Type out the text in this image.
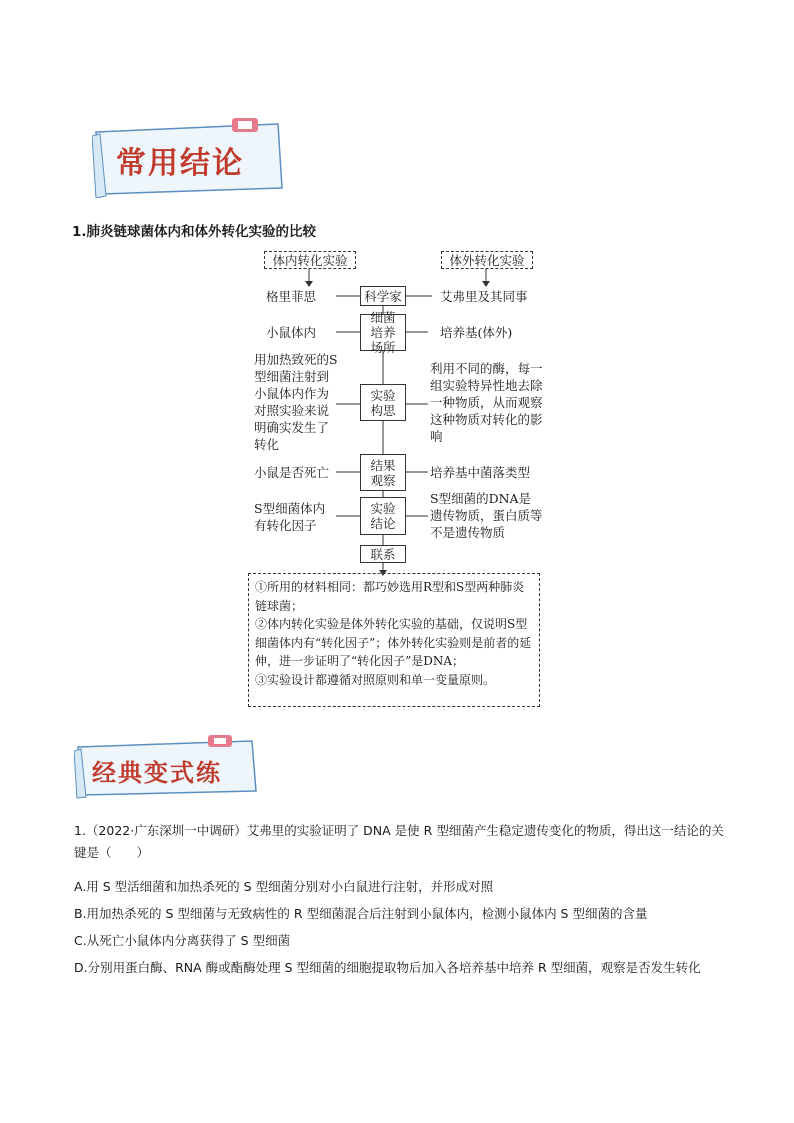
常用结论
1.肺炎链球菌体内和体外转化实验的比较
体内转化实验	体外转化实验
科学家
细菌培养场所
实验构思
结果观察
实验结论
联系
格里菲思
小鼠体内
用加热致死的S型细菌注射到小鼠体内作为对照实验来说明确实发生了转化
小鼠是否死亡
S型细菌体内有转化因子
艾弗里及其同事
培养基(体外)
利用不同的酶，每一组实验特异性地去除一种物质，从而观察这种物质对转化的影响
培养基中菌落类型
S型细菌的DNA是遗传物质，蛋白质等不是遗传物质
①所用的材料相同：都巧妙选用R型和S型两种肺炎链球菌；
②体内转化实验是体外转化实验的基础，仅说明S型细菌体内有“转化因子”；体外转化实验则是前者的延伸，进一步证明了“转化因子”是DNA；
③实验设计都遵循对照原则和单一变量原则。
经典变式练
1.（2022·广东深圳一中调研）艾弗里的实验证明了 DNA 是使 R 型细菌产生稳定遗传变化的物质，得出这一结论的关键是（　　）
A.用 S 型活细菌和加热杀死的 S 型细菌分别对小白鼠进行注射，并形成对照
B.用加热杀死的 S 型细菌与无致病性的 R 型细菌混合后注射到小鼠体内，检测小鼠体内 S 型细菌的含量
C.从死亡小鼠体内分离获得了 S 型细菌
D.分别用蛋白酶、RNA 酶或酯酶处理 S 型细菌的细胞提取物后加入各培养基中培养 R 型细菌，观察是否发生转化
